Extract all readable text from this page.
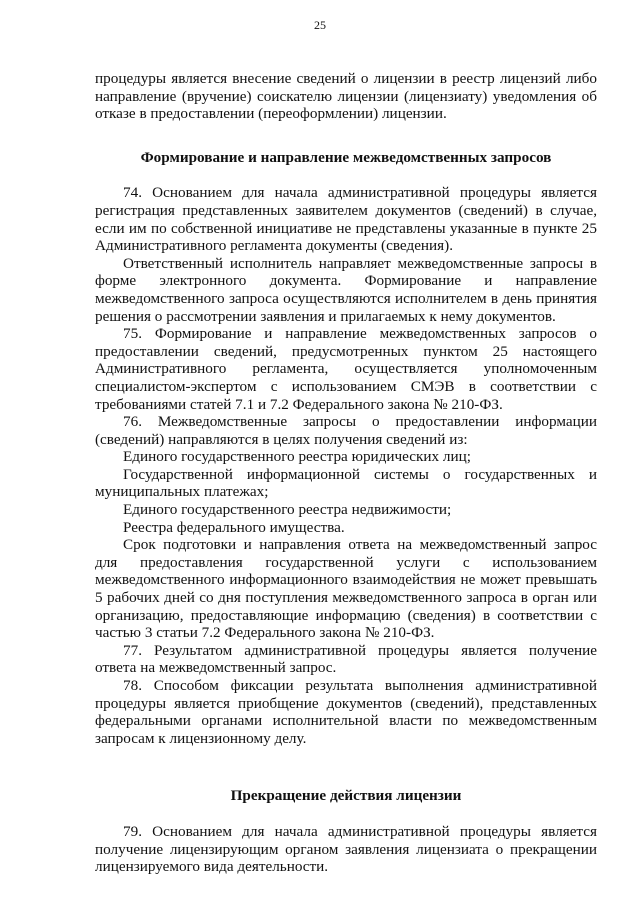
25

процедуры является внесение сведений о лицензии в реестр лицензий либо направление (вручение) соискателю лицензии (лицензиату) уведомления об отказе в предоставлении (переоформлении) лицензии.

Формирование и направление межведомственных запросов

74. Основанием для начала административной процедуры является регистрация представленных заявителем документов (сведений) в случае, если им по собственной инициативе не представлены указанные в пункте 25 Административного регламента документы (сведения).

Ответственный исполнитель направляет межведомственные запросы в форме электронного документа. Формирование и направление межведомственного запроса осуществляются исполнителем в день принятия решения о рассмотрении заявления и прилагаемых к нему документов.

75. Формирование и направление межведомственных запросов о предоставлении сведений, предусмотренных пунктом 25 настоящего Административного регламента, осуществляется уполномоченным специалистом-экспертом с использованием СМЭВ в соответствии с требованиями статей 7.1 и 7.2 Федерального закона № 210-ФЗ.

76. Межведомственные запросы о предоставлении информации (сведений) направляются в целях получения сведений из:

Единого государственного реестра юридических лиц;

Государственной информационной системы о государственных и муниципальных платежах;

Единого государственного реестра недвижимости;

Реестра федерального имущества.

Срок подготовки и направления ответа на межведомственный запрос для предоставления государственной услуги с использованием межведомственного информационного взаимодействия не может превышать 5 рабочих дней со дня поступления межведомственного запроса в орган или организацию, предоставляющие информацию (сведения) в соответствии с частью 3 статьи 7.2 Федерального закона № 210-ФЗ.

77. Результатом административной процедуры является получение ответа на межведомственный запрос.

78. Способом фиксации результата выполнения административной процедуры является приобщение документов (сведений), представленных федеральными органами исполнительной власти по межведомственным запросам к лицензионному делу.

Прекращение действия лицензии

79. Основанием для начала административной процедуры является получение лицензирующим органом заявления лицензиата о прекращении лицензируемого вида деятельности.
